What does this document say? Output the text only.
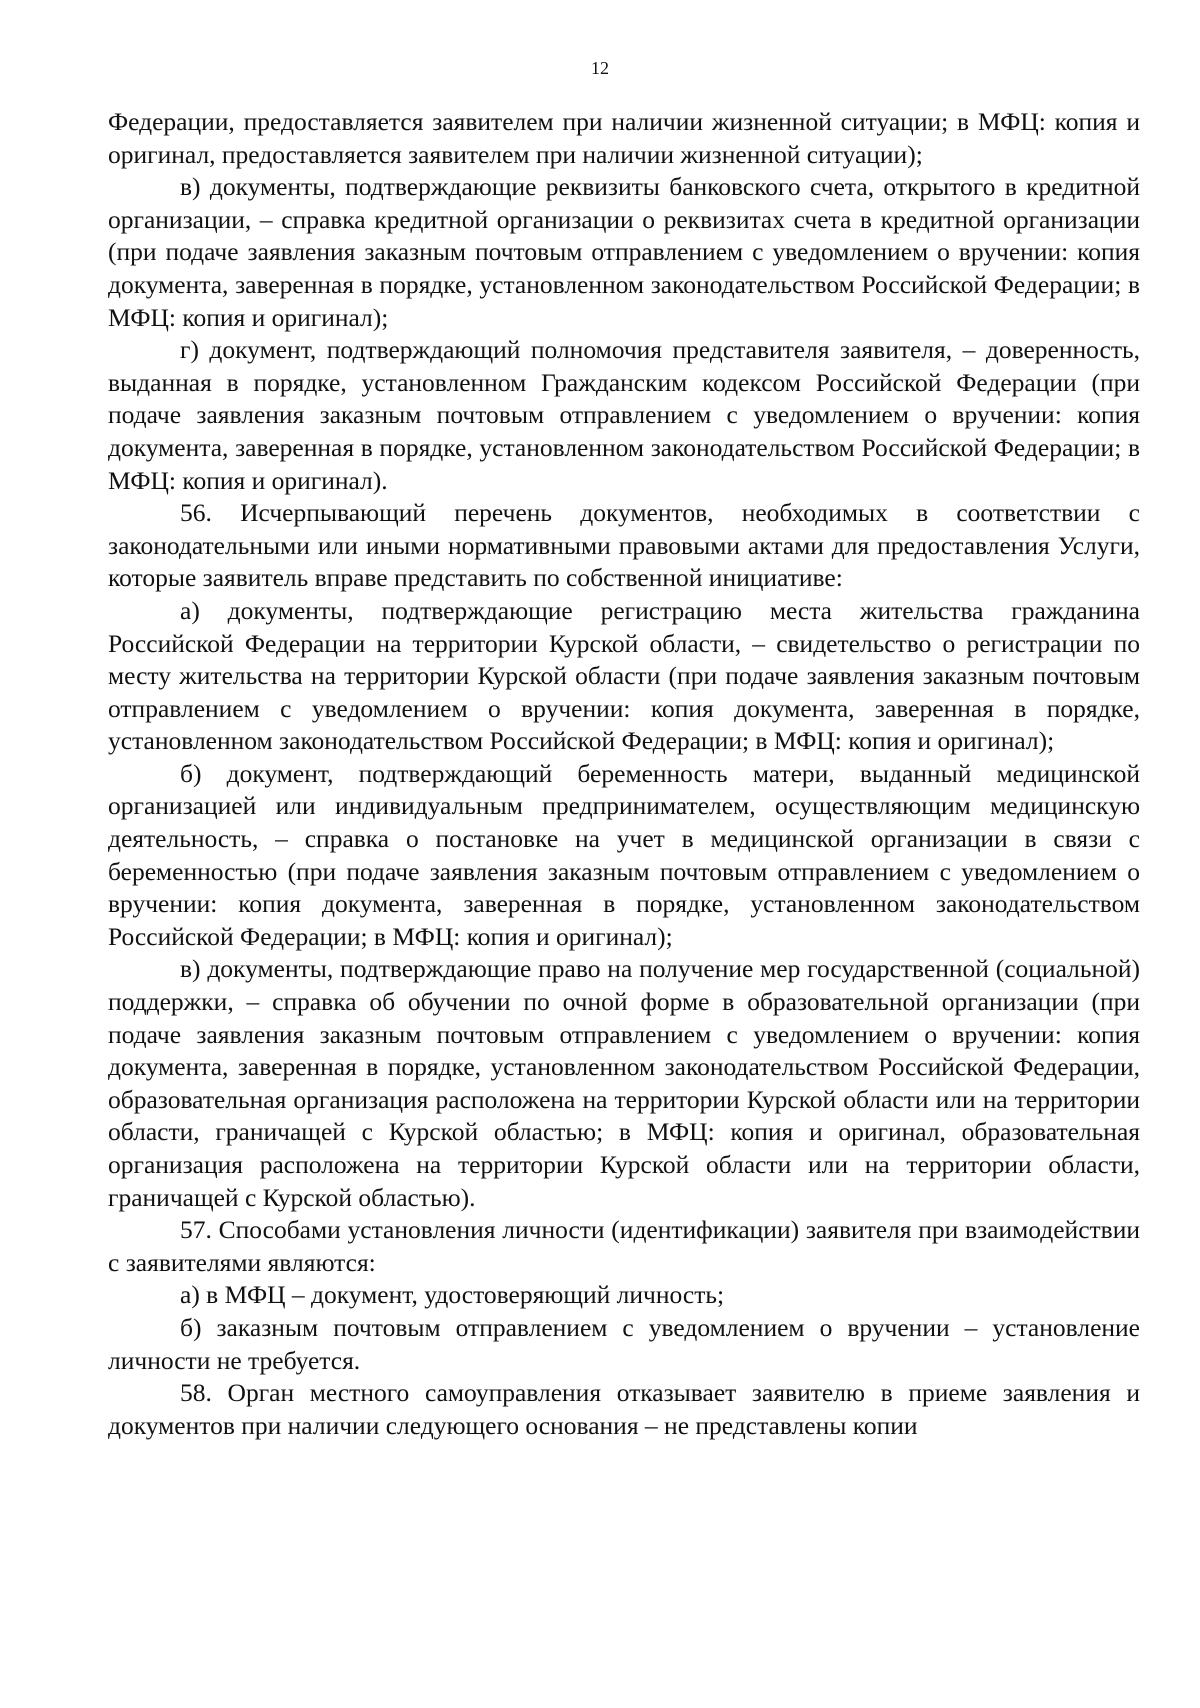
12

Федерации, предоставляется заявителем при наличии жизненной ситуации; в МФЦ: копия и оригинал, предоставляется заявителем при наличии жизненной ситуации);

в) документы, подтверждающие реквизиты банковского счета, открытого в кредитной организации, – справка кредитной организации о реквизитах счета в кредитной организации (при подаче заявления заказным почтовым отправлением с уведомлением о вручении: копия документа, заверенная в порядке, установленном законодательством Российской Федерации; в МФЦ: копия и оригинал);

г) документ, подтверждающий полномочия представителя заявителя, – доверенность, выданная в порядке, установленном Гражданским кодексом Российской Федерации (при подаче заявления заказным почтовым отправлением с уведомлением о вручении: копия документа, заверенная в порядке, установленном законодательством Российской Федерации; в МФЦ: копия и оригинал).

56. Исчерпывающий перечень документов, необходимых в соответствии с законодательными или иными нормативными правовыми актами для предоставления Услуги, которые заявитель вправе представить по собственной инициативе:

а) документы, подтверждающие регистрацию места жительства гражданина Российской Федерации на территории Курской области, – свидетельство о регистрации по месту жительства на территории Курской области (при подаче заявления заказным почтовым отправлением с уведомлением о вручении: копия документа, заверенная в порядке, установленном законодательством Российской Федерации; в МФЦ: копия и оригинал);

б) документ, подтверждающий беременность матери, выданный медицинской организацией или индивидуальным предпринимателем, осуществляющим медицинскую деятельность, – справка о постановке на учет в медицинской организации в связи с беременностью (при подаче заявления заказным почтовым отправлением с уведомлением о вручении: копия документа, заверенная в порядке, установленном законодательством Российской Федерации; в МФЦ: копия и оригинал);

в) документы, подтверждающие право на получение мер государственной (социальной) поддержки, – справка об обучении по очной форме в образовательной организации (при подаче заявления заказным почтовым отправлением с уведомлением о вручении: копия документа, заверенная в порядке, установленном законодательством Российской Федерации, образовательная организация расположена на территории Курской области или на территории области, граничащей с Курской областью; в МФЦ: копия и оригинал, образовательная организация расположена на территории Курской области или на территории области, граничащей с Курской областью).

57. Способами установления личности (идентификации) заявителя при взаимодействии с заявителями являются:

а) в МФЦ – документ, удостоверяющий личность;

б) заказным почтовым отправлением с уведомлением о вручении – установление личности не требуется.

58. Орган местного самоуправления отказывает заявителю в приеме заявления и документов при наличии следующего основания – не представлены копии
